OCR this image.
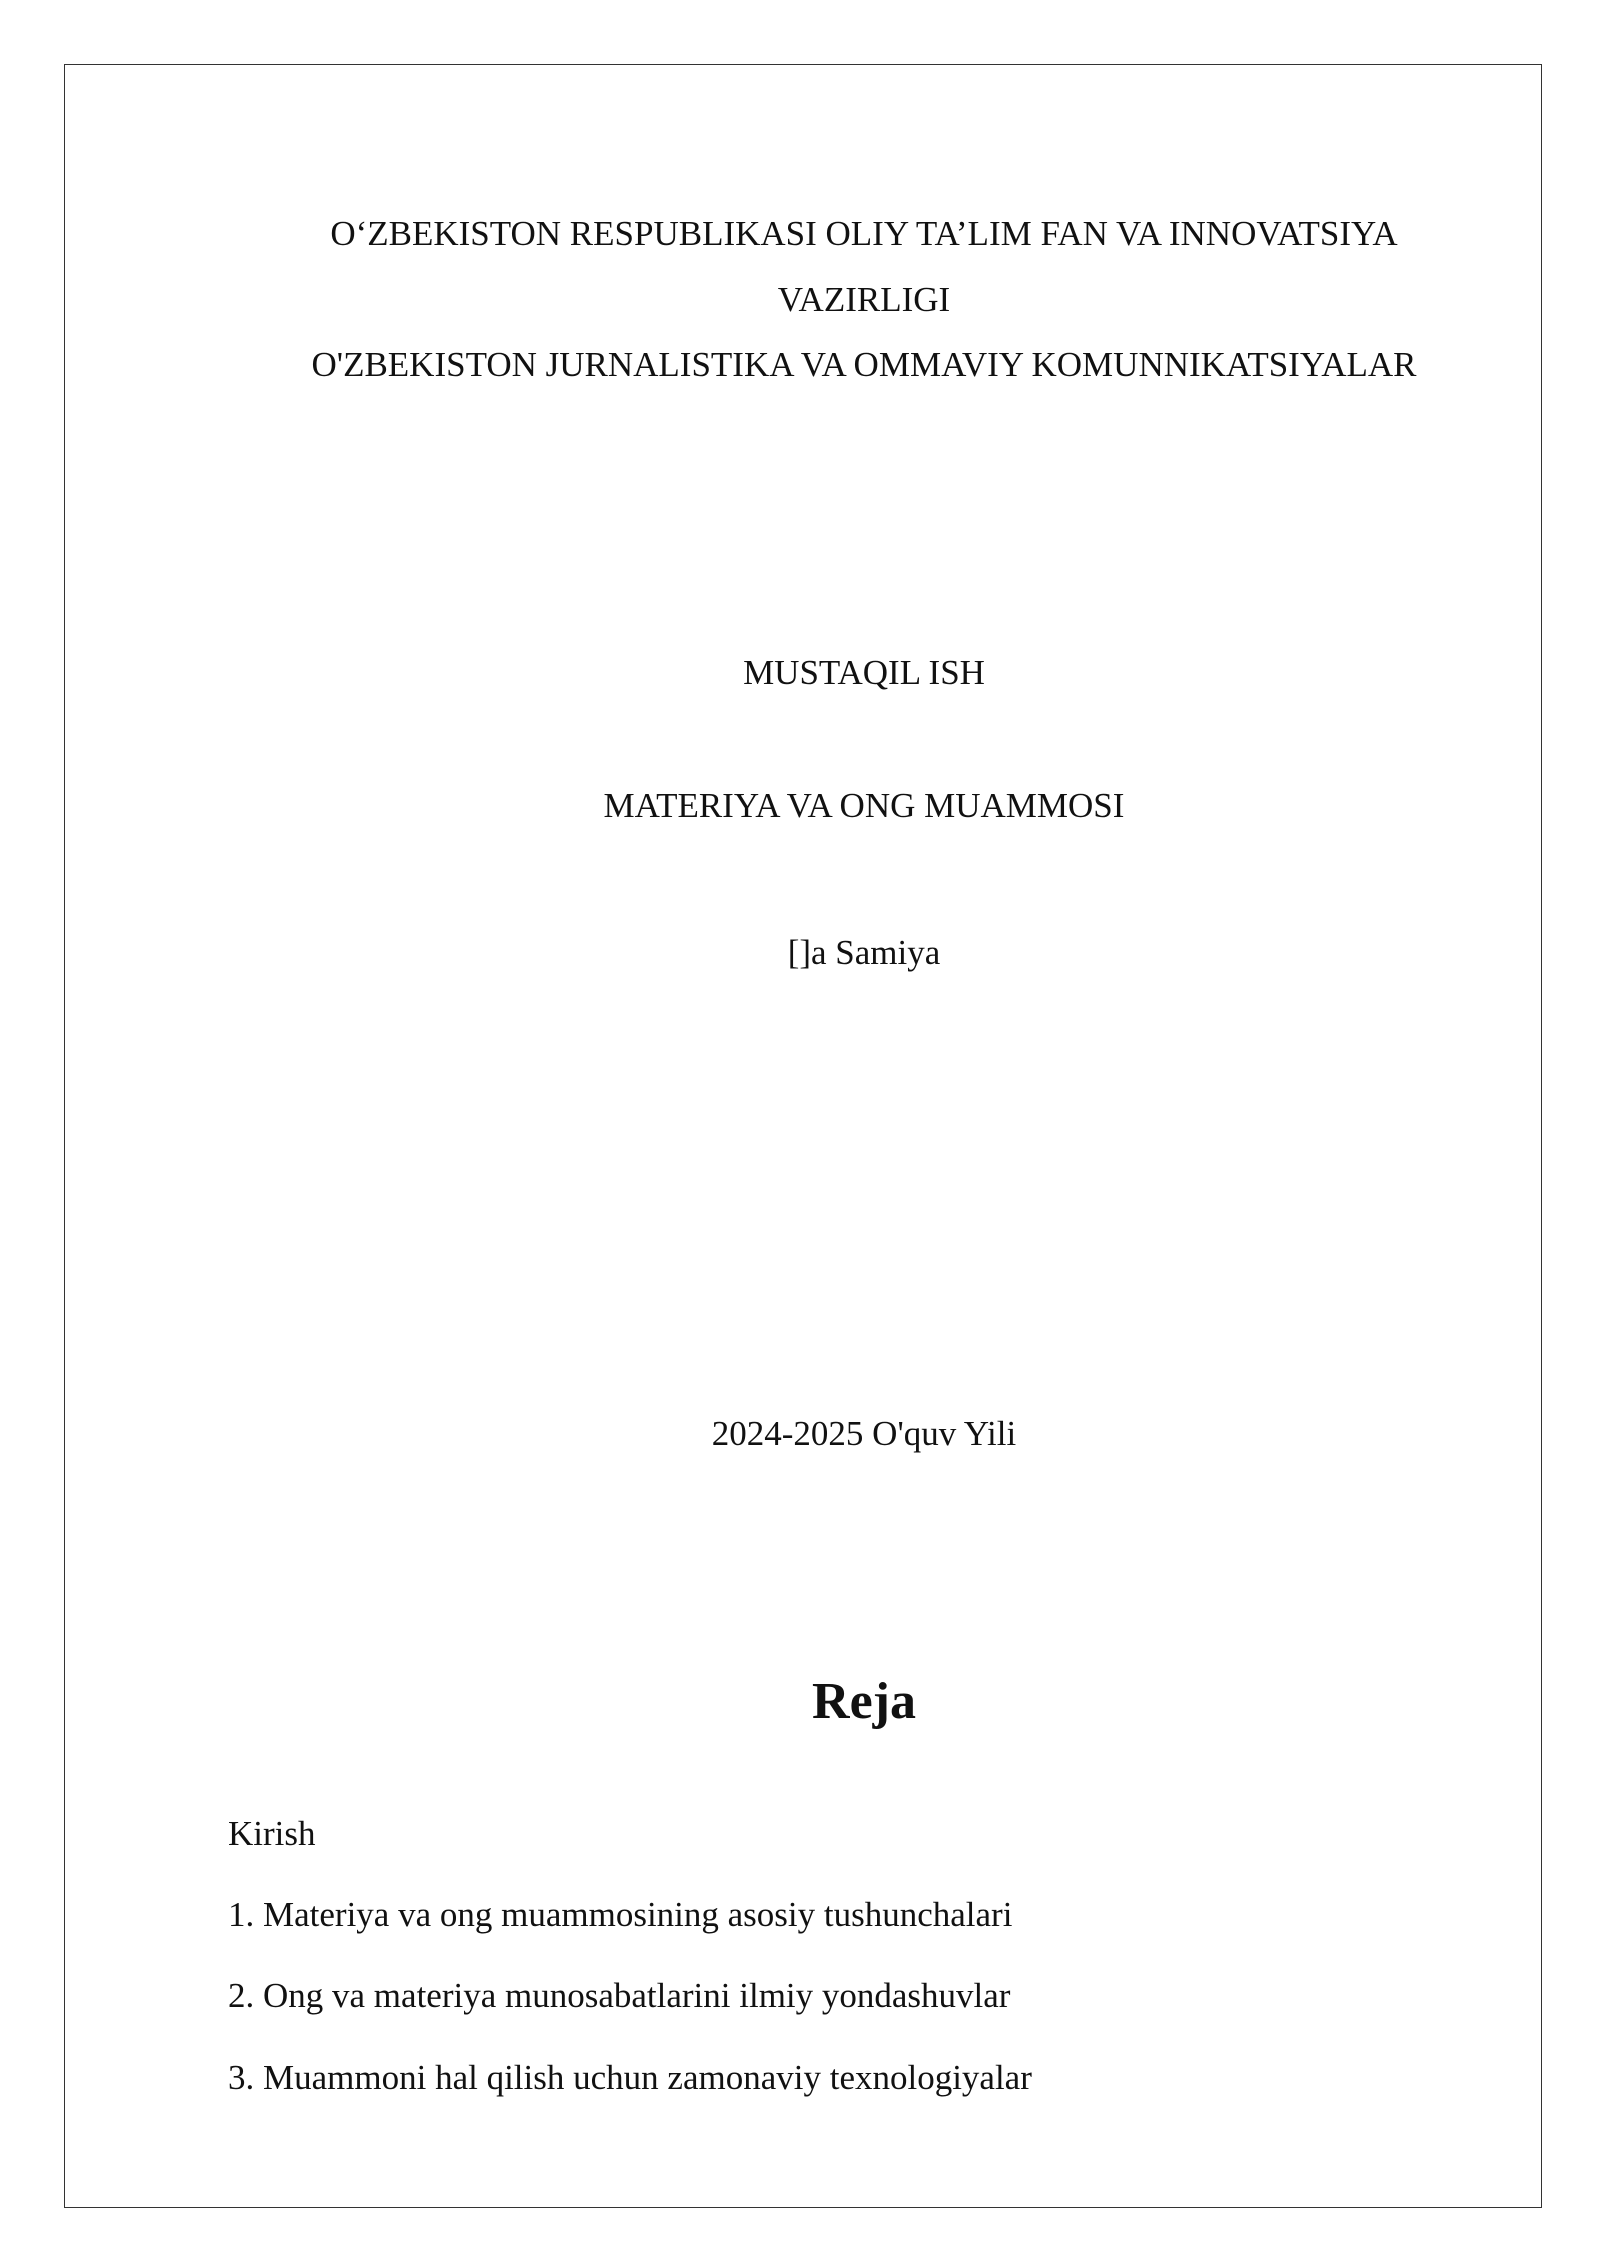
O‘ZBEKISTON RESPUBLIKASI OLIY TA’LIM FAN VA INNOVATSIYA
VAZIRLIGI
O'ZBEKISTON JURNALISTIKA VA OMMAVIY KOMUNNIKATSIYALAR
MUSTAQIL ISH
MATERIYA VA ONG MUAMMOSI
[]a Samiya
2024-2025 O'quv Yili
Reja
Kirish
1. Materiya va ong muammosining asosiy tushunchalari
2. Ong va materiya munosabatlarini ilmiy yondashuvlar
3. Muammoni hal qilish uchun zamonaviy texnologiyalar
